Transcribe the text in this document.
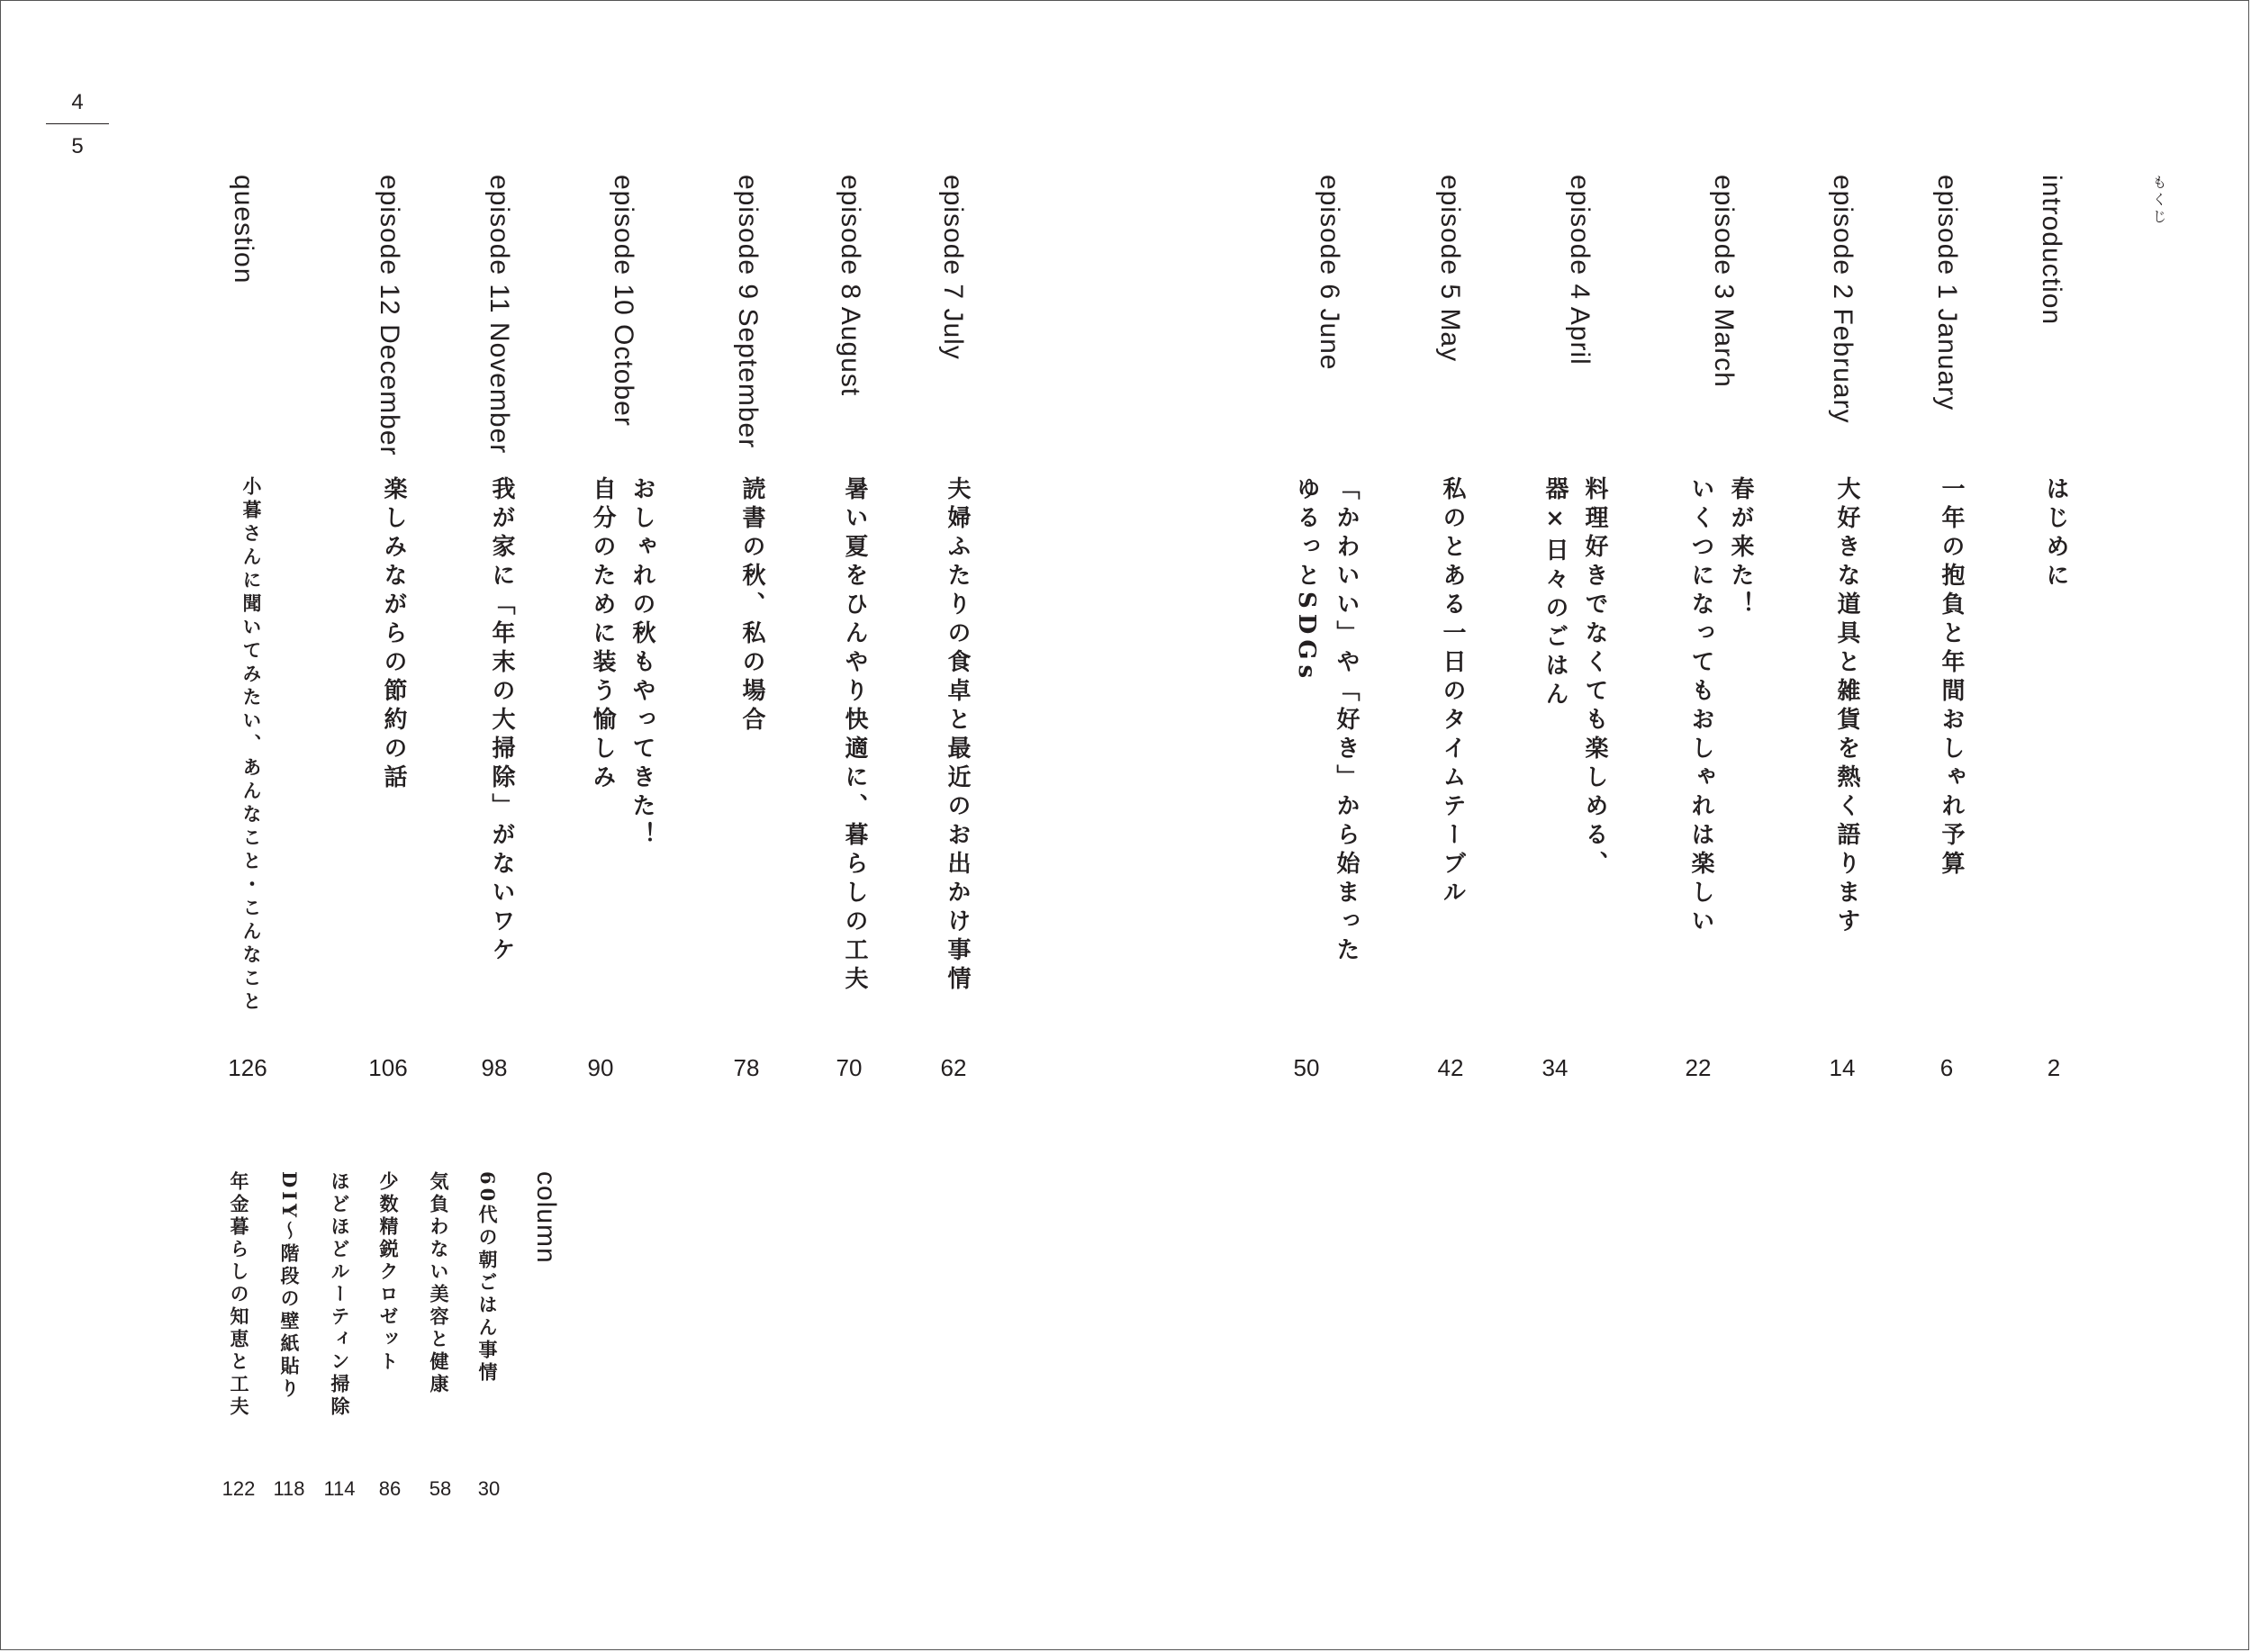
4
5
もくじ
introduction
はじめに
2
episode 1 January
一年の抱負と年間おしゃれ予算
6
episode 2 February
大好きな道具と雑貨を熱く語ります
14
episode 3 March
春が来た！
いくつになってもおしゃれは楽しい
22
episode 4 April
料理好きでなくても楽しめる、
器×日々のごはん
34
episode 5 May
私のとある一日のタイムテーブル
42
episode 6 June
「かわいい」や「好き」から始まった
ゆるっとSDGs
50
episode 7 July
夫婦ふたりの食卓と最近のお出かけ事情
62
episode 8 August
暑い夏をひんやり快適に、暮らしの工夫
70
episode 9 September
読書の秋、私の場合
78
episode 10 October
おしゃれの秋もやってきた！
自分のために装う愉しみ
90
episode 11 November
我が家に「年末の大掃除」がないワケ
98
episode 12 December
楽しみながらの節約の話
106
question
小暮さんに聞いてみたい、あんなこと・こんなこと
126
column
60代の朝ごはん事情
30
気負わない美容と健康
58
少数精鋭クロゼット
86
ほどほどルーティン掃除
114
DIY～階段の壁紙貼り
118
年金暮らしの知恵と工夫
122
